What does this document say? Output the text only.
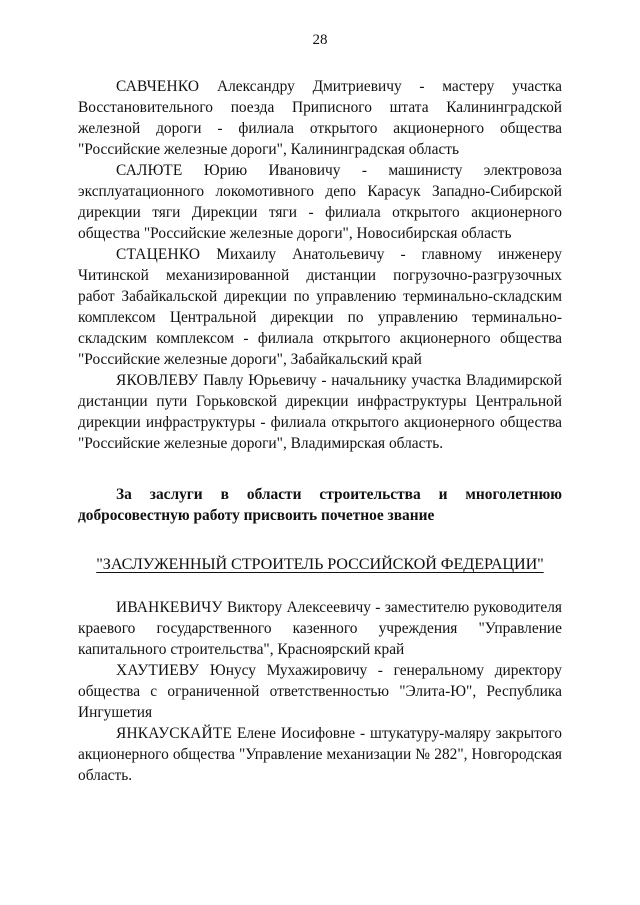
28

САВЧЕНКО Александру Дмитриевичу - мастеру участка Восстановительного поезда Приписного штата Калининградской железной дороги - филиала открытого акционерного общества "Российские железные дороги", Калининградская область

САЛЮТЕ Юрию Ивановичу - машинисту электровоза эксплуатационного локомотивного депо Карасук Западно-Сибирской дирекции тяги Дирекции тяги - филиала открытого акционерного общества "Российские железные дороги", Новосибирская область

СТАЦЕНКО Михаилу Анатольевичу - главному инженеру Читинской механизированной дистанции погрузочно-разгрузочных работ Забайкальской дирекции по управлению терминально-складским комплексом Центральной дирекции по управлению терминально-складским комплексом - филиала открытого акционерного общества "Российские железные дороги", Забайкальский край

ЯКОВЛЕВУ Павлу Юрьевичу - начальнику участка Владимирской дистанции пути Горьковской дирекции инфраструктуры Центральной дирекции инфраструктуры - филиала открытого акционерного общества "Российские железные дороги", Владимирская область.

За заслуги в области строительства и многолетнюю добросовестную работу присвоить почетное звание

"ЗАСЛУЖЕННЫЙ СТРОИТЕЛЬ РОССИЙСКОЙ ФЕДЕРАЦИИ"

ИВАНКЕВИЧУ Виктору Алексеевичу - заместителю руководителя краевого государственного казенного учреждения "Управление капитального строительства", Красноярский край

ХАУТИЕВУ Юнусу Мухажировичу - генеральному директору общества с ограниченной ответственностью "Элита-Ю", Республика Ингушетия

ЯНКАУСКАЙТЕ Елене Иосифовне - штукатуру-маляру закрытого акционерного общества "Управление механизации № 282", Новгородская область.
